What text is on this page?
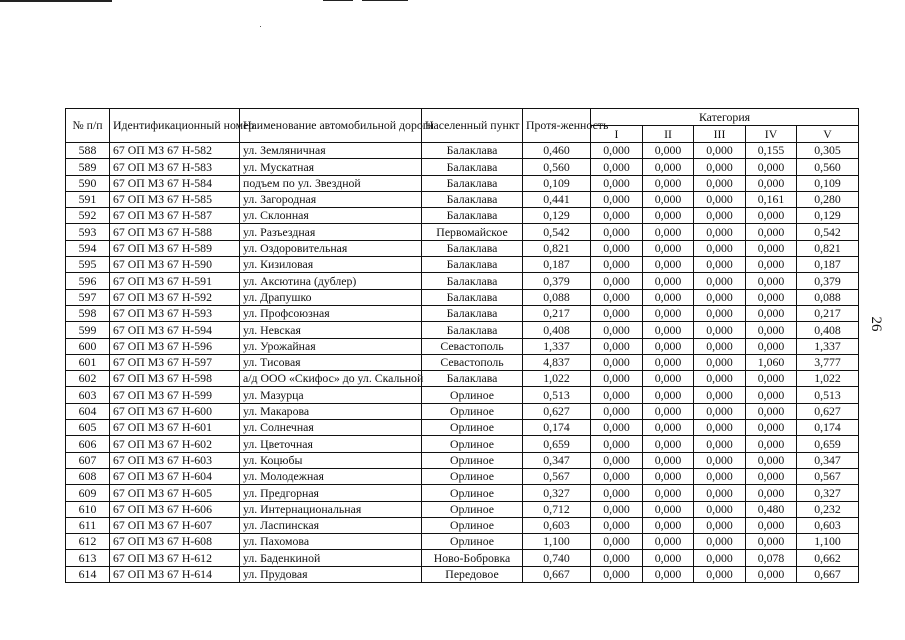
26
№ п/п	Идентификационный номер	Наименование автомобильной дороги	Населенный пункт	Протя-женность	Категория				
					I	II	III	IV	V
588	67 ОП МЗ 67 Н-582	ул. Земляничная	Балаклава	0,460	0,000	0,000	0,000	0,155	0,305
589	67 ОП МЗ 67 Н-583	ул. Мускатная	Балаклава	0,560	0,000	0,000	0,000	0,000	0,560
590	67 ОП МЗ 67 Н-584	подъем по ул. Звездной	Балаклава	0,109	0,000	0,000	0,000	0,000	0,109
591	67 ОП МЗ 67 Н-585	ул. Загородная	Балаклава	0,441	0,000	0,000	0,000	0,161	0,280
592	67 ОП МЗ 67 Н-587	ул. Склонная	Балаклава	0,129	0,000	0,000	0,000	0,000	0,129
593	67 ОП МЗ 67 Н-588	ул. Разъездная	Первомайское	0,542	0,000	0,000	0,000	0,000	0,542
594	67 ОП МЗ 67 Н-589	ул. Оздоровительная	Балаклава	0,821	0,000	0,000	0,000	0,000	0,821
595	67 ОП МЗ 67 Н-590	ул. Кизиловая	Балаклава	0,187	0,000	0,000	0,000	0,000	0,187
596	67 ОП МЗ 67 Н-591	ул. Аксютина (дублер)	Балаклава	0,379	0,000	0,000	0,000	0,000	0,379
597	67 ОП МЗ 67 Н-592	ул. Драпушко	Балаклава	0,088	0,000	0,000	0,000	0,000	0,088
598	67 ОП МЗ 67 Н-593	ул. Профсоюзная	Балаклава	0,217	0,000	0,000	0,000	0,000	0,217
599	67 ОП МЗ 67 Н-594	ул. Невская	Балаклава	0,408	0,000	0,000	0,000	0,000	0,408
600	67 ОП МЗ 67 Н-596	ул. Урожайная	Севастополь	1,337	0,000	0,000	0,000	0,000	1,337
601	67 ОП МЗ 67 Н-597	ул. Тисовая	Севастополь	4,837	0,000	0,000	0,000	1,060	3,777
602	67 ОП МЗ 67 Н-598	а/д ООО «Скифос» до ул. Скальной	Балаклава	1,022	0,000	0,000	0,000	0,000	1,022
603	67 ОП МЗ 67 Н-599	ул. Мазурца	Орлиное	0,513	0,000	0,000	0,000	0,000	0,513
604	67 ОП МЗ 67 Н-600	ул. Макарова	Орлиное	0,627	0,000	0,000	0,000	0,000	0,627
605	67 ОП МЗ 67 Н-601	ул. Солнечная	Орлиное	0,174	0,000	0,000	0,000	0,000	0,174
606	67 ОП МЗ 67 Н-602	ул. Цветочная	Орлиное	0,659	0,000	0,000	0,000	0,000	0,659
607	67 ОП МЗ 67 Н-603	ул. Коцюбы	Орлиное	0,347	0,000	0,000	0,000	0,000	0,347
608	67 ОП МЗ 67 Н-604	ул. Молодежная	Орлиное	0,567	0,000	0,000	0,000	0,000	0,567
609	67 ОП МЗ 67 Н-605	ул. Предгорная	Орлиное	0,327	0,000	0,000	0,000	0,000	0,327
610	67 ОП МЗ 67 Н-606	ул. Интернациональная	Орлиное	0,712	0,000	0,000	0,000	0,480	0,232
611	67 ОП МЗ 67 Н-607	ул. Ласпинская	Орлиное	0,603	0,000	0,000	0,000	0,000	0,603
612	67 ОП МЗ 67 Н-608	ул. Пахомова	Орлиное	1,100	0,000	0,000	0,000	0,000	1,100
613	67 ОП МЗ 67 Н-612	ул. Баденкиной	Ново-Бобровка	0,740	0,000	0,000	0,000	0,078	0,662
614	67 ОП МЗ 67 Н-614	ул. Прудовая	Передовое	0,667	0,000	0,000	0,000	0,000	0,667
